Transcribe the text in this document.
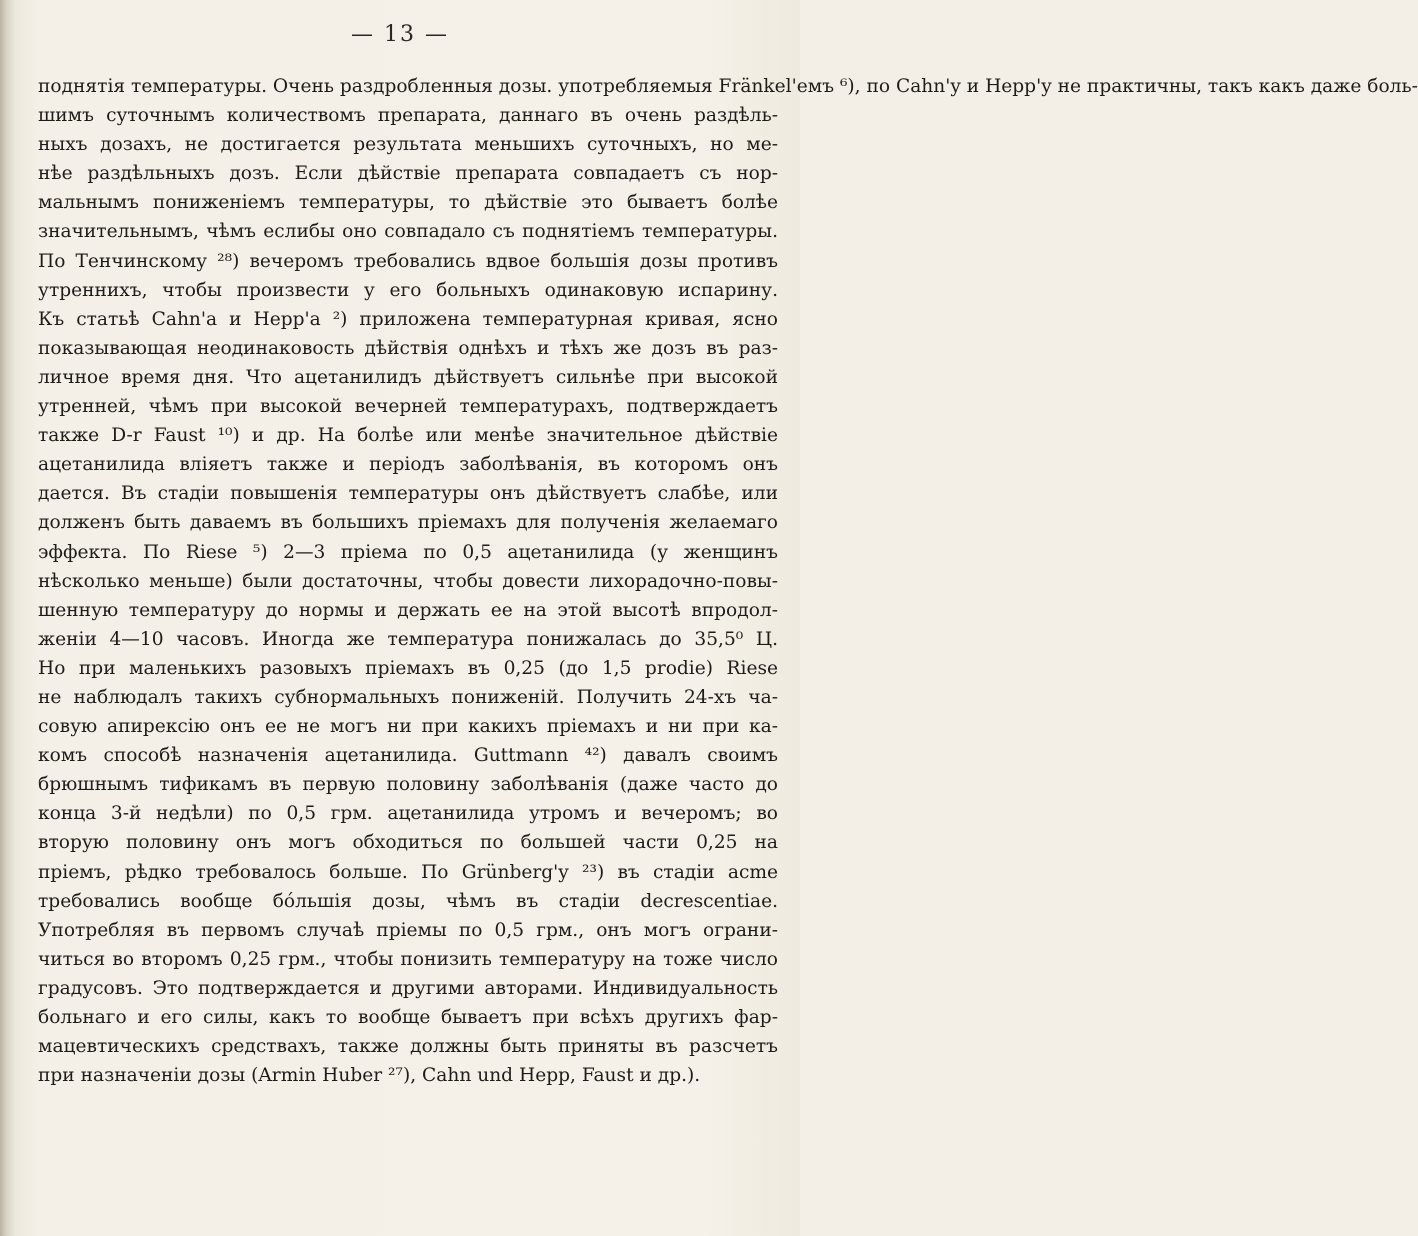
— 13 —
поднятія температуры. Очень раздробленныя дозы. употребляемыя Fränkel'емъ ⁶), по Cahn'y и Hepp'y не практичны, такъ какъ даже боль-
шимъ суточнымъ количествомъ препарата, даннаго въ очень раздѣль-
ныхъ дозахъ, не достигается результата меньшихъ суточныхъ, но ме-
нѣе раздѣльныхъ дозъ. Если дѣйствіе препарата совпадаетъ съ нор-
мальнымъ пониженіемъ температуры, то дѣйствіе это бываетъ болѣе
значительнымъ, чѣмъ еслибы оно совпадало съ поднятіемъ температуры.
По Тенчинскому ²⁸) вечеромъ требовались вдвое большія дозы противъ
утреннихъ, чтобы произвести у его больныхъ одинаковую испарину.
Къ статьѣ Cahn'a и Hepp'a ²) приложена температурная кривая, ясно
показывающая неодинаковость дѣйствія однѣхъ и тѣхъ же дозъ въ раз-
личное время дня. Что ацетанилидъ дѣйствуетъ сильнѣе при высокой
утренней, чѣмъ при высокой вечерней температурахъ, подтверждаетъ
также D-r Faust ¹⁰) и др. На болѣе или менѣе значительное дѣйствіе
ацетанилида вліяетъ также и періодъ заболѣванія, въ которомъ онъ
дается. Въ стадіи повышенія температуры онъ дѣйствуетъ слабѣе, или
долженъ быть даваемъ въ большихъ пріемахъ для полученія желаемаго
эффекта. По Riese ⁵) 2—3 пріема по 0,5 ацетанилида (у женщинъ
нѣсколько меньше) были достаточны, чтобы довести лихорадочно-повы-
шенную температуру до нормы и держать ее на этой высотѣ впродол-
женіи 4—10 часовъ. Иногда же температура понижалась до 35,5⁰ Ц.
Но при маленькихъ разовыхъ пріемахъ въ 0,25 (до 1,5 prodie) Riese
не наблюдалъ такихъ субнормальныхъ пониженій. Получить 24-хъ ча-
совую апирексію онъ ее не могъ ни при какихъ пріемахъ и ни при ка-
комъ способѣ назначенія ацетанилида. Guttmann ⁴²) давалъ своимъ
брюшнымъ тификамъ въ первую половину заболѣванія (даже часто до
конца 3-й недѣли) по 0,5 грм. ацетанилида утромъ и вечеромъ; во
вторую половину онъ могъ обходиться по большей части 0,25 на
пріемъ, рѣдко требовалось больше. По Grünberg'y ²³) въ стадіи acme
требовались вообще бо́льшія дозы, чѣмъ въ стадіи decrescentiae.
Употребляя въ первомъ случаѣ пріемы по 0,5 грм., онъ могъ ограни-
читься во второмъ 0,25 грм., чтобы понизить температуру на тоже число
градусовъ. Это подтверждается и другими авторами. Индивидуальность
больнаго и его силы, какъ то вообще бываетъ при всѣхъ другихъ фар-
мацевтическихъ средствахъ, также должны быть приняты въ разсчетъ
при назначеніи дозы (Armin Huber ²⁷), Cahn und Hepp, Faust и др.).
